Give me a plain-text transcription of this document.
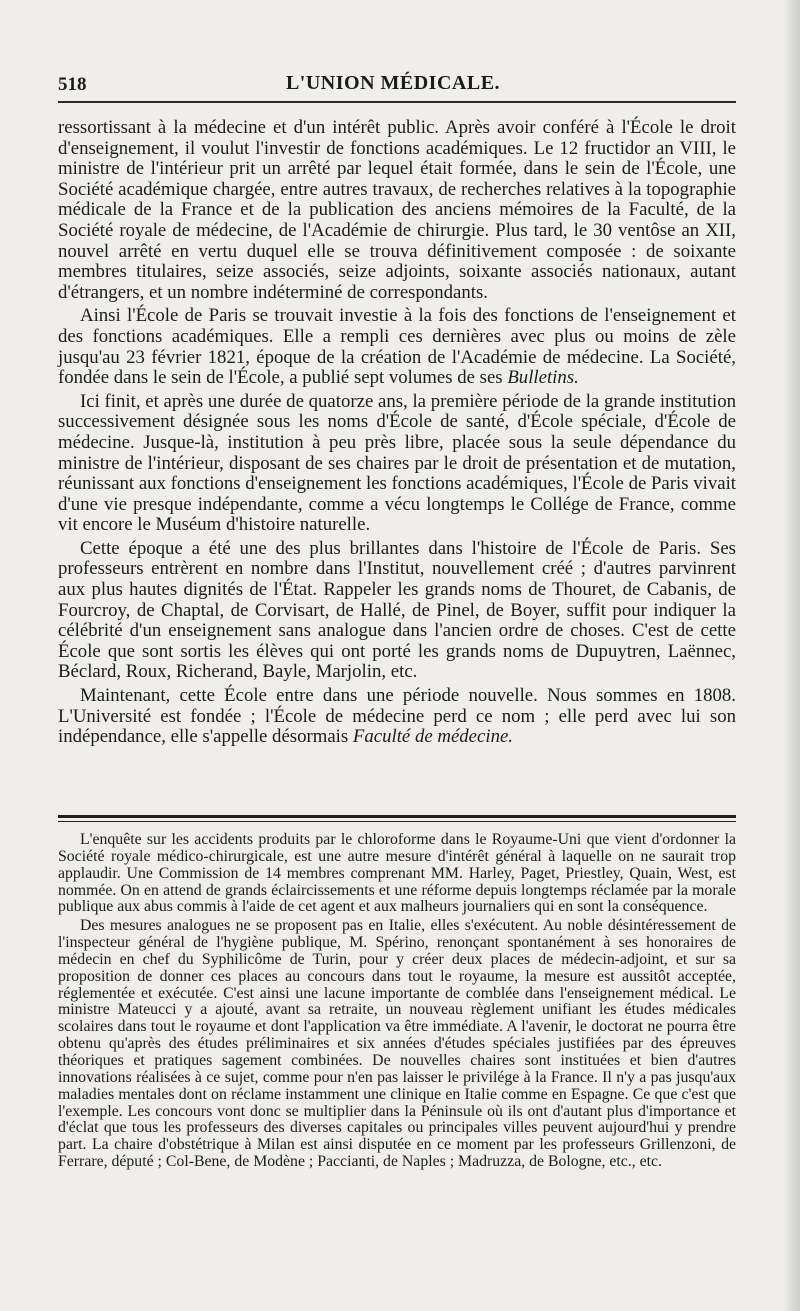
518	L'UNION MÉDICALE.

ressortissant à la médecine et d'un intérêt public. Après avoir conféré à l'École le droit d'enseignement, il voulut l'investir de fonctions académiques. Le 12 fructidor an VIII, le ministre de l'intérieur prit un arrêté par lequel était formée, dans le sein de l'École, une Société académique chargée, entre autres travaux, de recherches relatives à la topographie médicale de la France et de la publication des anciens mémoires de la Faculté, de la Société royale de médecine, de l'Académie de chirurgie. Plus tard, le 30 ventôse an XII, nouvel arrêté en vertu duquel elle se trouva définitivement composée : de soixante membres titulaires, seize associés, seize adjoints, soixante associés nationaux, autant d'étrangers, et un nombre indéterminé de correspondants.

Ainsi l'École de Paris se trouvait investie à la fois des fonctions de l'enseignement et des fonctions académiques. Elle a rempli ces dernières avec plus ou moins de zèle jusqu'au 23 février 1821, époque de la création de l'Académie de médecine. La Société, fondée dans le sein de l'École, a publié sept volumes de ses Bulletins.

Ici finit, et après une durée de quatorze ans, la première période de la grande institution successivement désignée sous les noms d'École de santé, d'École spéciale, d'École de médecine. Jusque-là, institution à peu près libre, placée sous la seule dépendance du ministre de l'intérieur, disposant de ses chaires par le droit de présentation et de mutation, réunissant aux fonctions d'enseignement les fonctions académiques, l'École de Paris vivait d'une vie presque indépendante, comme a vécu longtemps le Collége de France, comme vit encore le Muséum d'histoire naturelle.

Cette époque a été une des plus brillantes dans l'histoire de l'École de Paris. Ses professeurs entrèrent en nombre dans l'Institut, nouvellement créé ; d'autres parvinrent aux plus hautes dignités de l'État. Rappeler les grands noms de Thouret, de Cabanis, de Fourcroy, de Chaptal, de Corvisart, de Hallé, de Pinel, de Boyer, suffit pour indiquer la célébrité d'un enseignement sans analogue dans l'ancien ordre de choses. C'est de cette École que sont sortis les élèves qui ont porté les grands noms de Dupuytren, Laënnec, Béclard, Roux, Richerand, Bayle, Marjolin, etc.

Maintenant, cette École entre dans une période nouvelle. Nous sommes en 1808. L'Université est fondée ; l'École de médecine perd ce nom ; elle perd avec lui son indépendance, elle s'appelle désormais Faculté de médecine.

L'enquête sur les accidents produits par le chloroforme dans le Royaume-Uni que vient d'ordonner la Société royale médico-chirurgicale, est une autre mesure d'intérêt général à laquelle on ne saurait trop applaudir. Une Commission de 14 membres comprenant MM. Harley, Paget, Priestley, Quain, West, est nommée. On en attend de grands éclaircissements et une réforme depuis longtemps réclamée par la morale publique aux abus commis à l'aide de cet agent et aux malheurs journaliers qui en sont la conséquence.

Des mesures analogues ne se proposent pas en Italie, elles s'exécutent. Au noble désintéressement de l'inspecteur général de l'hygiène publique, M. Spérino, renonçant spontanément à ses honoraires de médecin en chef du Syphilicôme de Turin, pour y créer deux places de médecin-adjoint, et sur sa proposition de donner ces places au concours dans tout le royaume, la mesure est aussitôt acceptée, réglementée et exécutée. C'est ainsi une lacune importante de comblée dans l'enseignement médical. Le ministre Mateucci y a ajouté, avant sa retraite, un nouveau règlement unifiant les études médicales scolaires dans tout le royaume et dont l'application va être immédiate. A l'avenir, le doctorat ne pourra être obtenu qu'après des études préliminaires et six années d'études spéciales justifiées par des épreuves théoriques et pratiques sagement combinées. De nouvelles chaires sont instituées et bien d'autres innovations réalisées à ce sujet, comme pour n'en pas laisser le privilége à la France. Il n'y a pas jusqu'aux maladies mentales dont on réclame instamment une clinique en Italie comme en Espagne. Ce que c'est que l'exemple. Les concours vont donc se multiplier dans la Péninsule où ils ont d'autant plus d'importance et d'éclat que tous les professeurs des diverses capitales ou principales villes peuvent aujourd'hui y prendre part. La chaire d'obstétrique à Milan est ainsi disputée en ce moment par les professeurs Grillenzoni, de Ferrare, député ; Col-Bene, de Modène ; Paccianti, de Naples ; Madruzza, de Bologne, etc., etc.
